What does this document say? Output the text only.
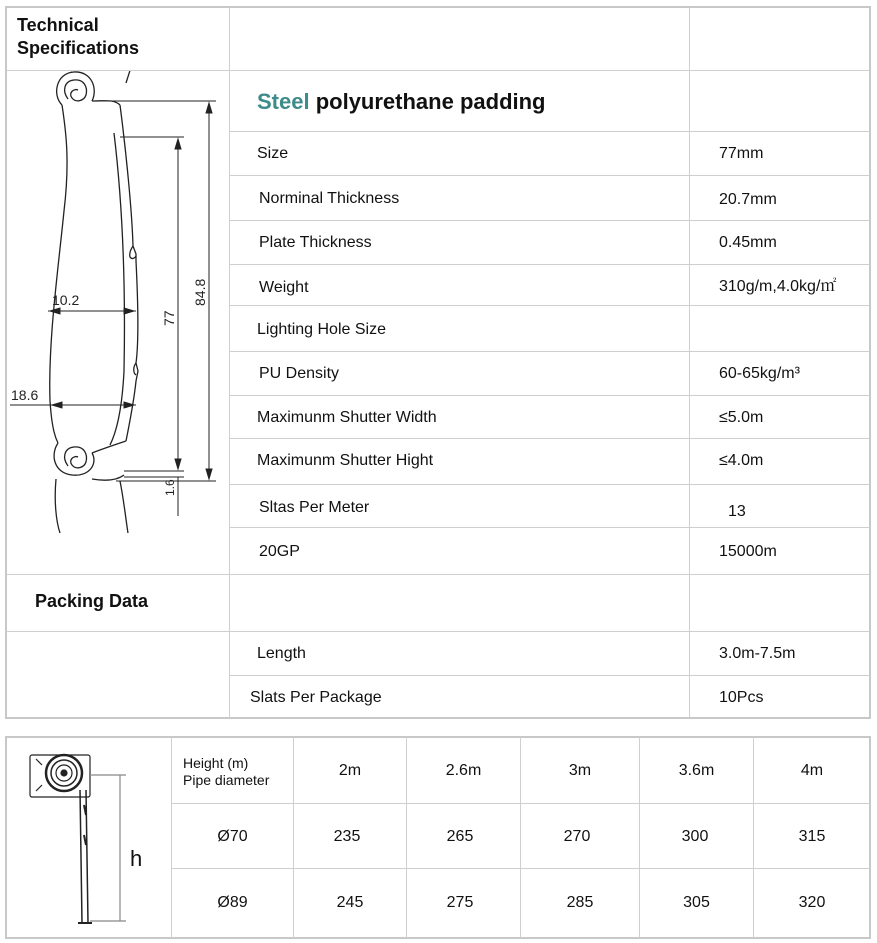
Technical
Specifications
Steel polyurethane padding
Size	77mm
Norminal Thickness	20.7mm
Plate Thickness	0.45mm
Weight	310g/m,4.0kg/㎡
Lighting Hole Size
PU Density	60-65kg/m³
Maximunm Shutter Width	≤5.0m
Maximunm Shutter Hight	≤4.0m
Sltas Per Meter	13
20GP	15000m
Packing Data
Length	3.0m-7.5m
Slats Per Package	10Pcs
10.2
18.6
77
84.8
1.6
Height (m)
Pipe diameter
2m	2.6m	3m	3.6m	4m
Ø70	235	265	270	300	315
Ø89	245	275	285	305	320
h
